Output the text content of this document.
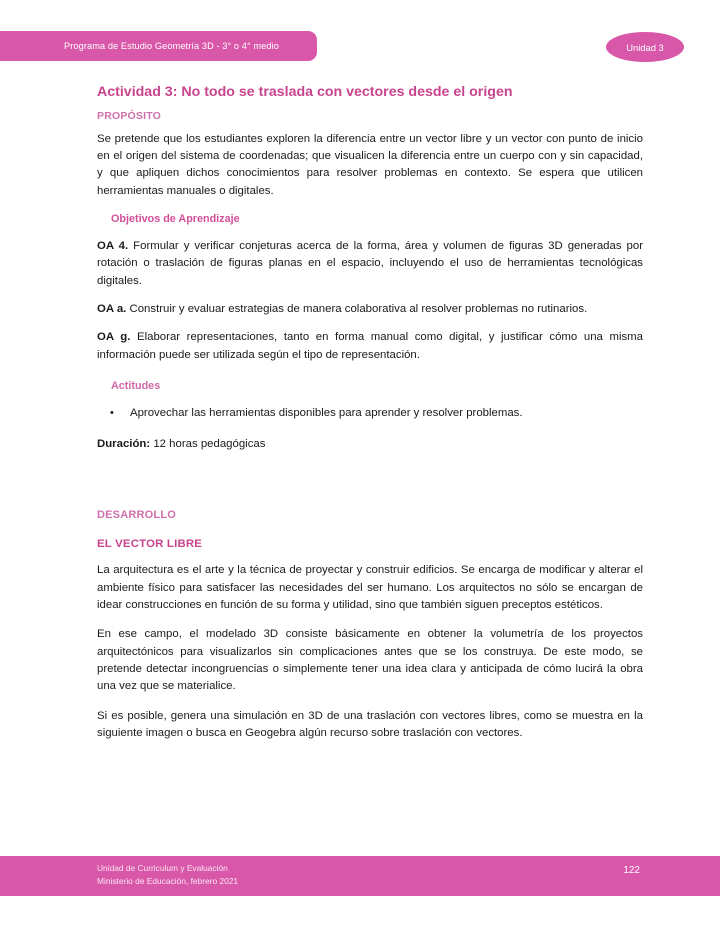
Programa de Estudio Geometría 3D - 3° o 4° medio	Unidad 3
Actividad 3: No todo se traslada con vectores desde el origen
PROPÓSITO

Se pretende que los estudiantes exploren la diferencia entre un vector libre y un vector con punto de inicio en el origen del sistema de coordenadas; que visualicen la diferencia entre un cuerpo con y sin capacidad, y que apliquen dichos conocimientos para resolver problemas en contexto. Se espera que utilicen herramientas manuales o digitales.

Objetivos de Aprendizaje

OA 4. Formular y verificar conjeturas acerca de la forma, área y volumen de figuras 3D generadas por rotación o traslación de figuras planas en el espacio, incluyendo el uso de herramientas tecnológicas digitales.

OA a. Construir y evaluar estrategias de manera colaborativa al resolver problemas no rutinarios.

OA g. Elaborar representaciones, tanto en forma manual como digital, y justificar cómo una misma información puede ser utilizada según el tipo de representación.

Actitudes
•	Aprovechar las herramientas disponibles para aprender y resolver problemas.

Duración: 12 horas pedagógicas

DESARROLLO
EL VECTOR LIBRE

La arquitectura es el arte y la técnica de proyectar y construir edificios. Se encarga de modificar y alterar el ambiente físico para satisfacer las necesidades del ser humano. Los arquitectos no sólo se encargan de idear construcciones en función de su forma y utilidad, sino que también siguen preceptos estéticos.

En ese campo, el modelado 3D consiste básicamente en obtener la volumetría de los proyectos arquitectónicos para visualizarlos sin complicaciones antes que se los construya. De este modo, se pretende detectar incongruencias o simplemente tener una idea clara y anticipada de cómo lucirá la obra una vez que se materialice.

Si es posible, genera una simulación en 3D de una traslación con vectores libres, como se muestra en la siguiente imagen o busca en Geogebra algún recurso sobre traslación con vectores.

Unidad de Curriculum y Evaluación
Ministerio de Educación, febrero 2021
122
